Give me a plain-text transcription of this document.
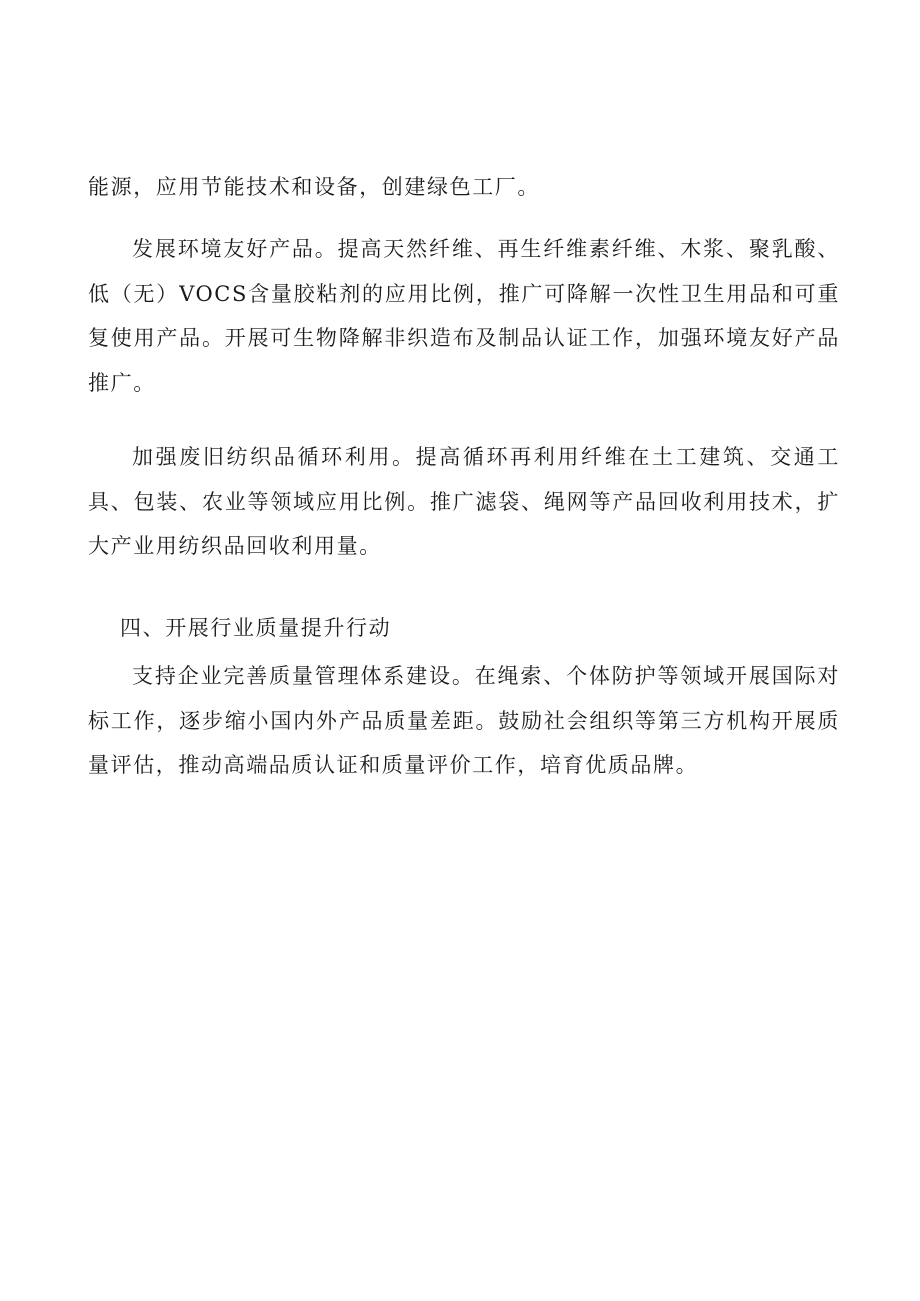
能源，应用节能技术和设备，创建绿色工厂。

发展环境友好产品。提高天然纤维、再生纤维素纤维、木浆、聚乳酸、低（无）VOCS含量胶粘剂的应用比例，推广可降解一次性卫生用品和可重复使用产品。开展可生物降解非织造布及制品认证工作，加强环境友好产品推广。

加强废旧纺织品循环利用。提高循环再利用纤维在土工建筑、交通工具、包装、农业等领域应用比例。推广滤袋、绳网等产品回收利用技术，扩大产业用纺织品回收利用量。

四、开展行业质量提升行动

支持企业完善质量管理体系建设。在绳索、个体防护等领域开展国际对标工作，逐步缩小国内外产品质量差距。鼓励社会组织等第三方机构开展质量评估，推动高端品质认证和质量评价工作，培育优质品牌。
